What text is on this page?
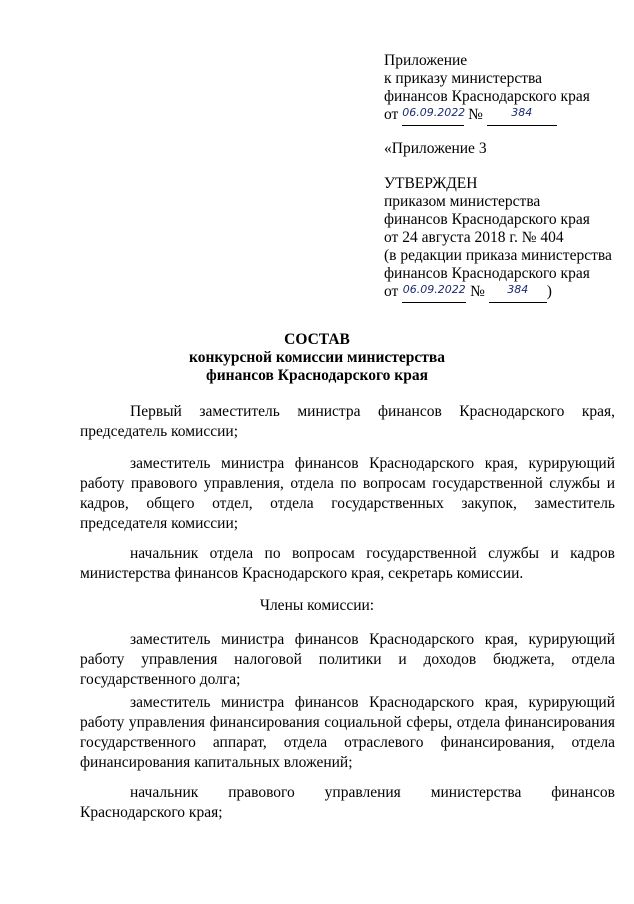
Приложение
к приказу министерства
финансов Краснодарского края
от 06.09.2022 №	384
«Приложение 3
УТВЕРЖДЕН
приказом министерства
финансов Краснодарского края
от 24 августа 2018 г. № 404
(в редакции приказа министерства
финансов Краснодарского края
от 06.09.2022 № 384 )
СОСТАВ
конкурсной комиссии министерства
финансов Краснодарского края
Первый заместитель министра финансов Краснодарского края, председатель комиссии;
заместитель министра финансов Краснодарского края, курирующий работу правового управления, отдела по вопросам государственной службы и кадров, общего отдел, отдела государственных закупок, заместитель председателя комиссии;
начальник отдела по вопросам государственной службы и кадров министерства финансов Краснодарского края, секретарь комиссии.
Члены комиссии:
заместитель министра финансов Краснодарского края, курирующий работу управления налоговой политики и доходов бюджета, отдела государственного долга;
заместитель министра финансов Краснодарского края, курирующий работу управления финансирования социальной сферы, отдела финансирования государственного аппарат, отдела отраслевого финансирования, отдела финансирования капитальных вложений;
начальник правового управления министерства финансов Краснодарского края;
